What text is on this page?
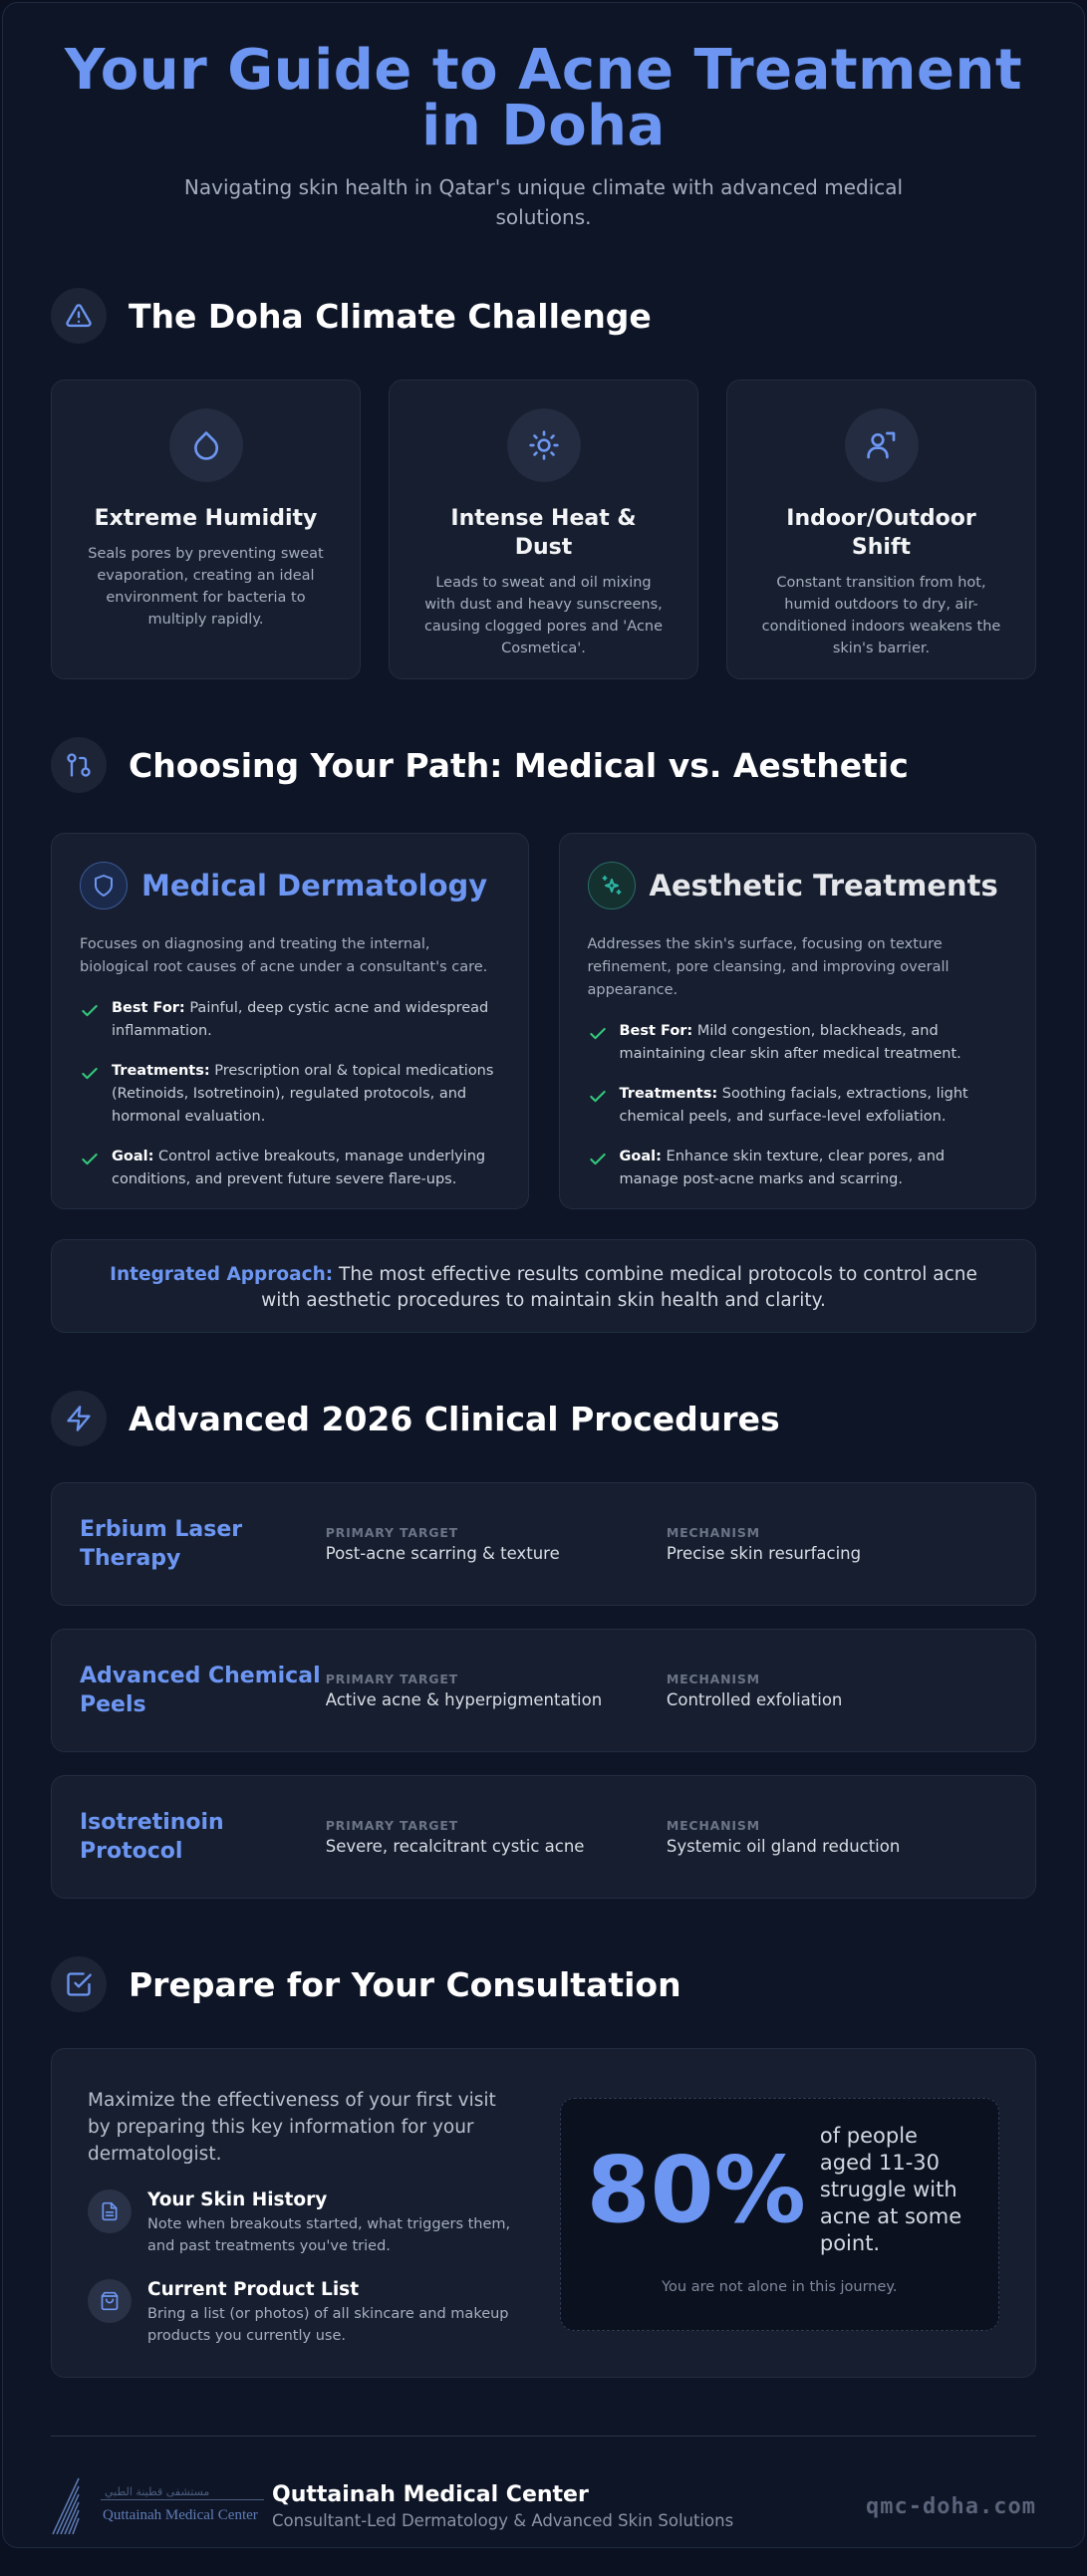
Your Guide to Acne Treatment in Doha

Navigating skin health in Qatar's unique climate with advanced medical solutions.

The Doha Climate Challenge
Extreme Humidity

Seals pores by preventing sweat evaporation, creating an ideal environment for bacteria to multiply rapidly.

Intense Heat & Dust

Leads to sweat and oil mixing with dust and heavy sunscreens, causing clogged pores and 'Acne Cosmetica'.

Indoor/Outdoor Shift

Constant transition from hot, humid outdoors to dry, air-conditioned indoors weakens the skin's barrier.

Choosing Your Path: Medical vs. Aesthetic
Medical Dermatology

Focuses on diagnosing and treating the internal, biological root causes of acne under a consultant's care.

Best For: Painful, deep cystic acne and widespread inflammation.
Treatments: Prescription oral & topical medications (Retinoids, Isotretinoin), regulated protocols, and hormonal evaluation.
Goal: Control active breakouts, manage underlying conditions, and prevent future severe flare-ups.
Aesthetic Treatments

Addresses the skin's surface, focusing on texture refinement, pore cleansing, and improving overall appearance.

Best For: Mild congestion, blackheads, and maintaining clear skin after medical treatment.
Treatments: Soothing facials, extractions, light chemical peels, and surface-level exfoliation.
Goal: Enhance skin texture, clear pores, and manage post-acne marks and scarring.
Integrated Approach: The most effective results combine medical protocols to control acne with aesthetic procedures to maintain skin health and clarity.
Advanced 2026 Clinical Procedures
Erbium Laser Therapy
PRIMARY TARGET
Post-acne scarring & texture
MECHANISM
Precise skin resurfacing
Advanced Chemical Peels
PRIMARY TARGET
Active acne & hyperpigmentation
MECHANISM
Controlled exfoliation
Isotretinoin Protocol
PRIMARY TARGET
Severe, recalcitrant cystic acne
MECHANISM
Systemic oil gland reduction
Prepare for Your Consultation

Maximize the effectiveness of your first visit by preparing this key information for your dermatologist.

Your Skin History

Note when breakouts started, what triggers them, and past treatments you've tried.

Current Product List

Bring a list (or photos) of all skincare and makeup products you currently use.

80%
of people aged 11-30 struggle with acne at some point.
You are not alone in this journey.
مستشفى قطينة الطبي
Quttainah Medical Center
Quttainah Medical Center
Consultant-Led Dermatology & Advanced Skin Solutions
qmc-doha.com
